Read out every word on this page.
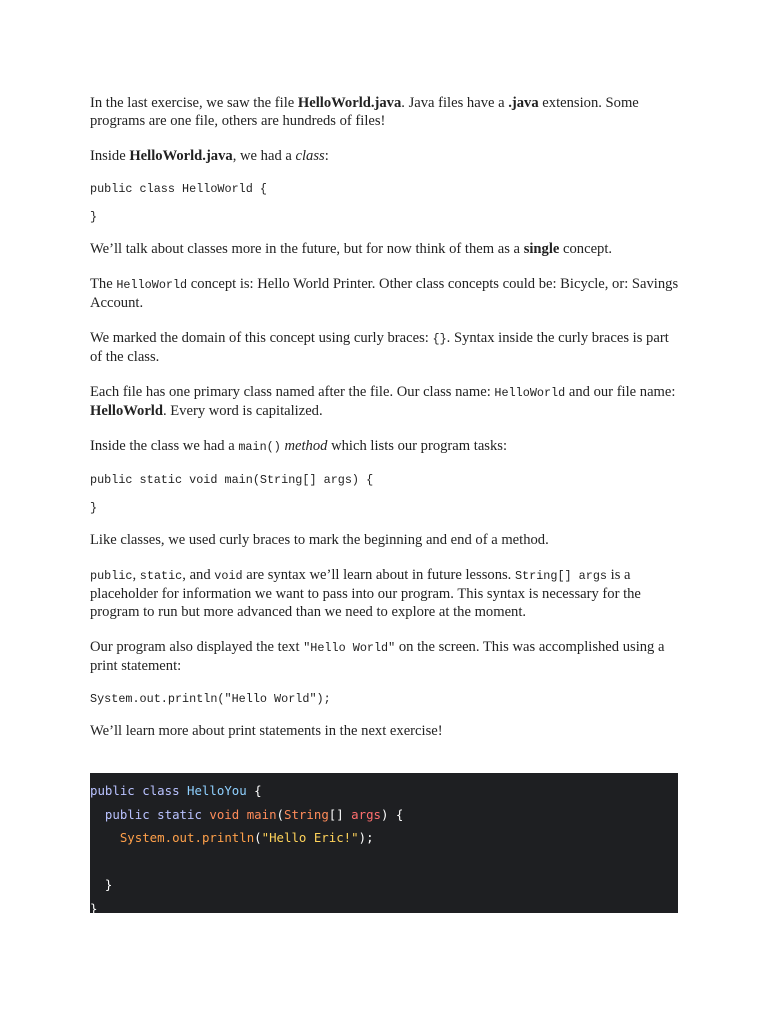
In the last exercise, we saw the file HelloWorld.java. Java files have a .java extension. Some programs are one file, others are hundreds of files!

Inside HelloWorld.java, we had a class:

public class HelloWorld {

}

We’ll talk about classes more in the future, but for now think of them as a single concept.

The HelloWorld concept is: Hello World Printer. Other class concepts could be: Bicycle, or: Savings Account.

We marked the domain of this concept using curly braces: {}. Syntax inside the curly braces is part of the class.

Each file has one primary class named after the file. Our class name: HelloWorld and our file name: HelloWorld. Every word is capitalized.

Inside the class we had a main() method which lists our program tasks:

public static void main(String[] args) {

}

Like classes, we used curly braces to mark the beginning and end of a method.

public, static, and void are syntax we’ll learn about in future lessons. String[] args is a placeholder for information we want to pass into our program. This syntax is necessary for the program to run but more advanced than we need to explore at the moment.

Our program also displayed the text "Hello World" on the screen. This was accomplished using a print statement:

System.out.println("Hello World");

We’ll learn more about print statements in the next exercise!

public class HelloYou {
public static void main(String[] args) {
System.out.println("Hello Eric!");

}
}
